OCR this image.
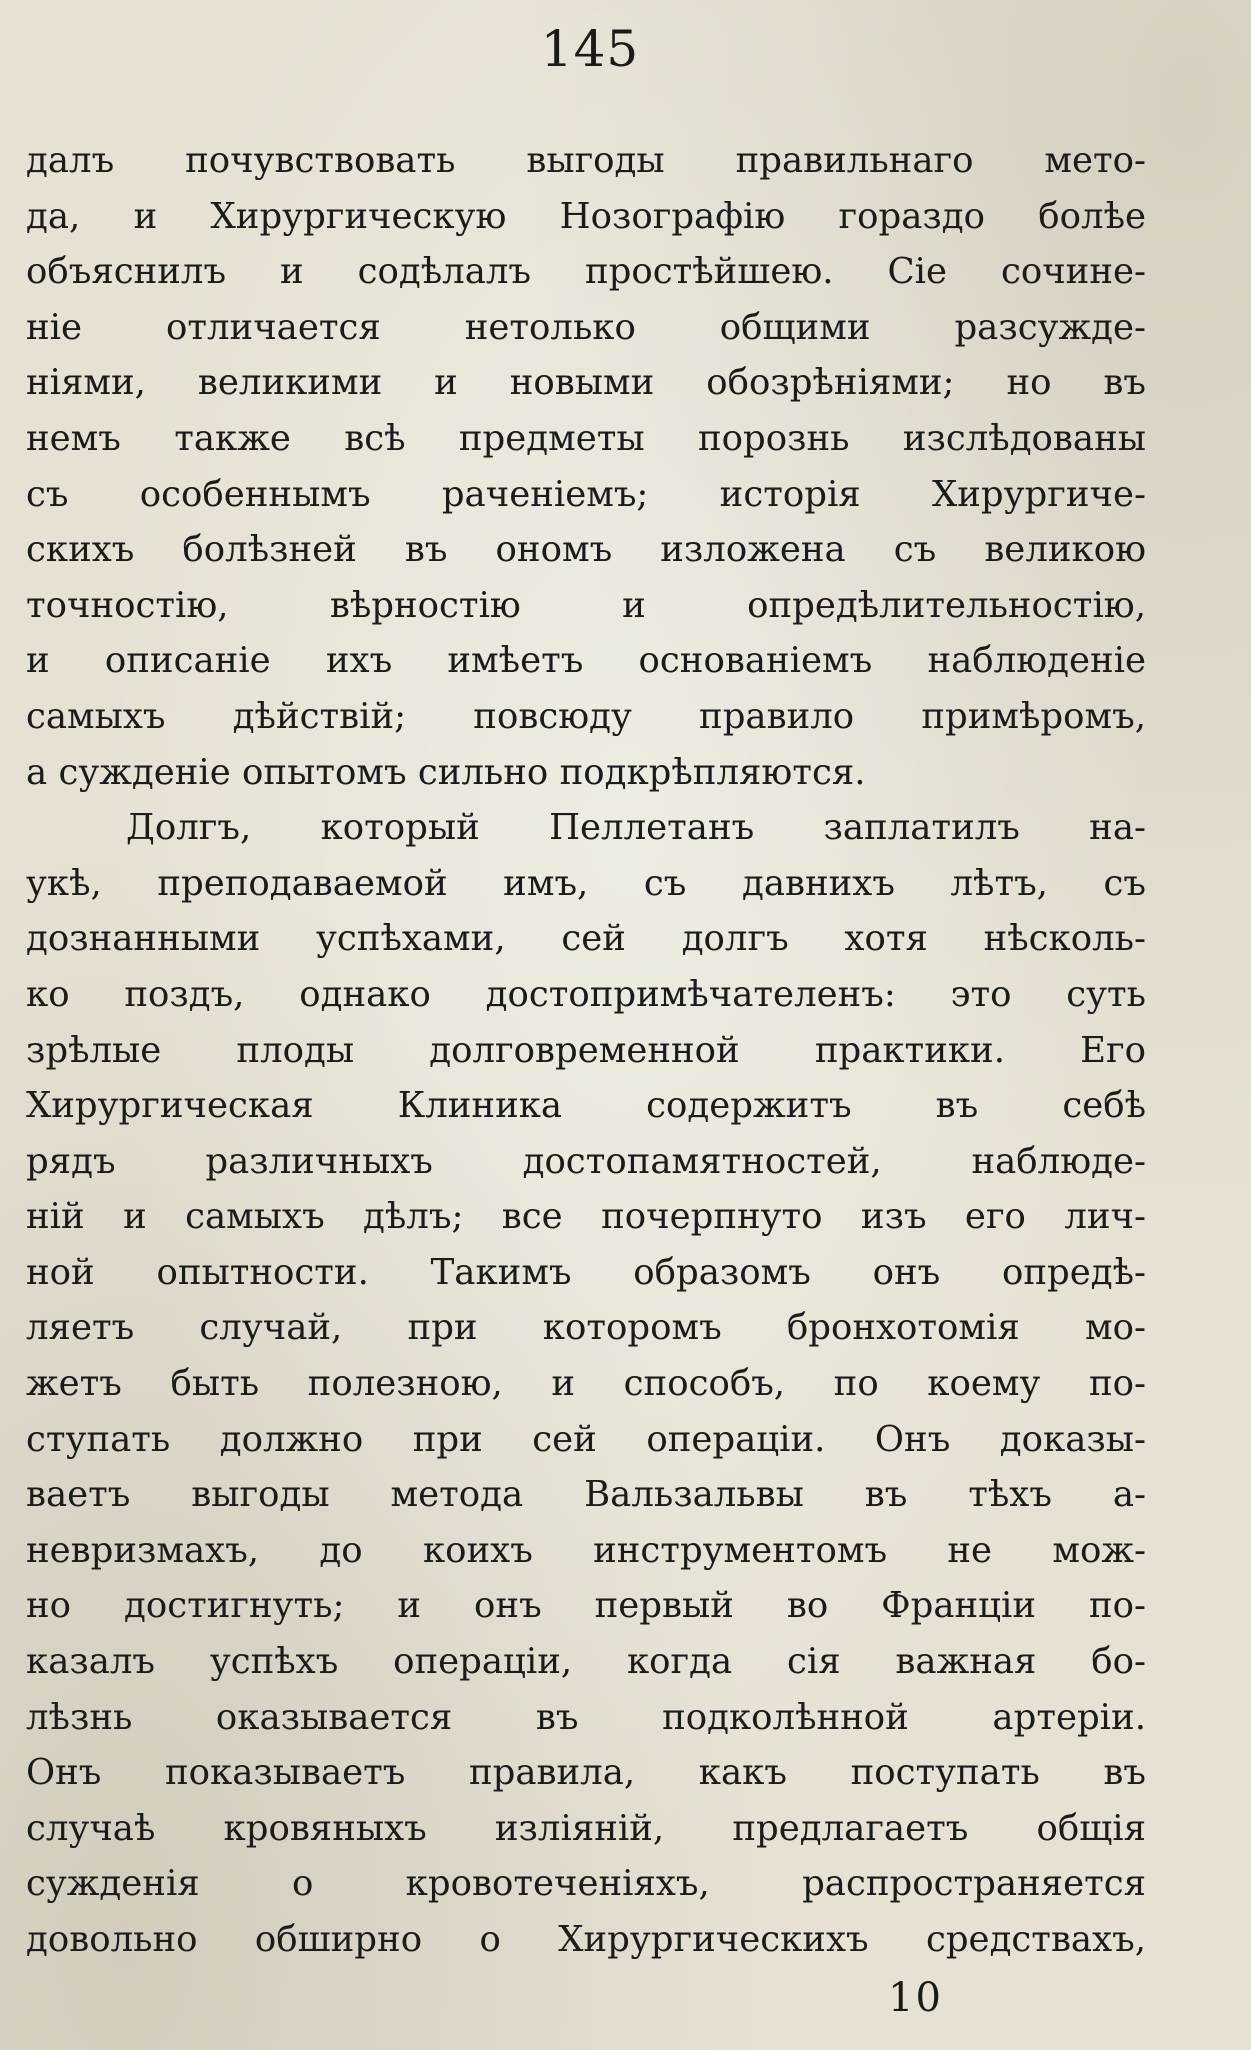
145
далъ почувствовать выгоды правильнаго мето-
да, и Хирургическую Нозографію гораздо болѣе
объяснилъ и содѣлалъ простѣйшею. Сіе сочине-
ніе отличается нетолько общими разсужде-
ніями, великими и новыми обозрѣніями; но въ
немъ также всѣ предметы порознь изслѣдованы
съ особеннымъ раченіемъ; исторія Хирургиче-
скихъ болѣзней въ ономъ изложена съ великою
точностію, вѣрностію и опредѣлительностію,
и описаніе ихъ имѣетъ основаніемъ наблюденіе
самыхъ дѣйствій; повсюду правило примѣромъ,
а сужденіе опытомъ сильно подкрѣпляются.
Долгъ, который Пеллетанъ заплатилъ на-
укѣ, преподаваемой имъ, съ давнихъ лѣтъ, съ
дознанными успѣхами, сей долгъ хотя нѣсколь-
ко поздъ, однако достопримѣчателенъ: это суть
зрѣлые плоды долговременной практики. Его
Хирургическая Клиника содержитъ въ себѣ
рядъ различныхъ достопамятностей, наблюде-
ній и самыхъ дѣлъ; все почерпнуто изъ его лич-
ной опытности. Такимъ образомъ онъ опредѣ-
ляетъ случай, при которомъ бронхотомія мо-
жетъ быть полезною, и способъ, по коему по-
ступать должно при сей операціи. Онъ доказы-
ваетъ выгоды метода Вальзальвы въ тѣхъ а-
невризмахъ, до коихъ инструментомъ не мож-
но достигнуть; и онъ первый во Франціи по-
казалъ успѣхъ операціи, когда сія важная бо-
лѣзнь оказывается въ подколѣнной артеріи.
Онъ показываетъ правила, какъ поступать въ
случаѣ кровяныхъ изліяній, предлагаетъ общія
сужденія о кровотеченіяхъ, распространяется
довольно обширно о Хирургическихъ средствахъ,
10
